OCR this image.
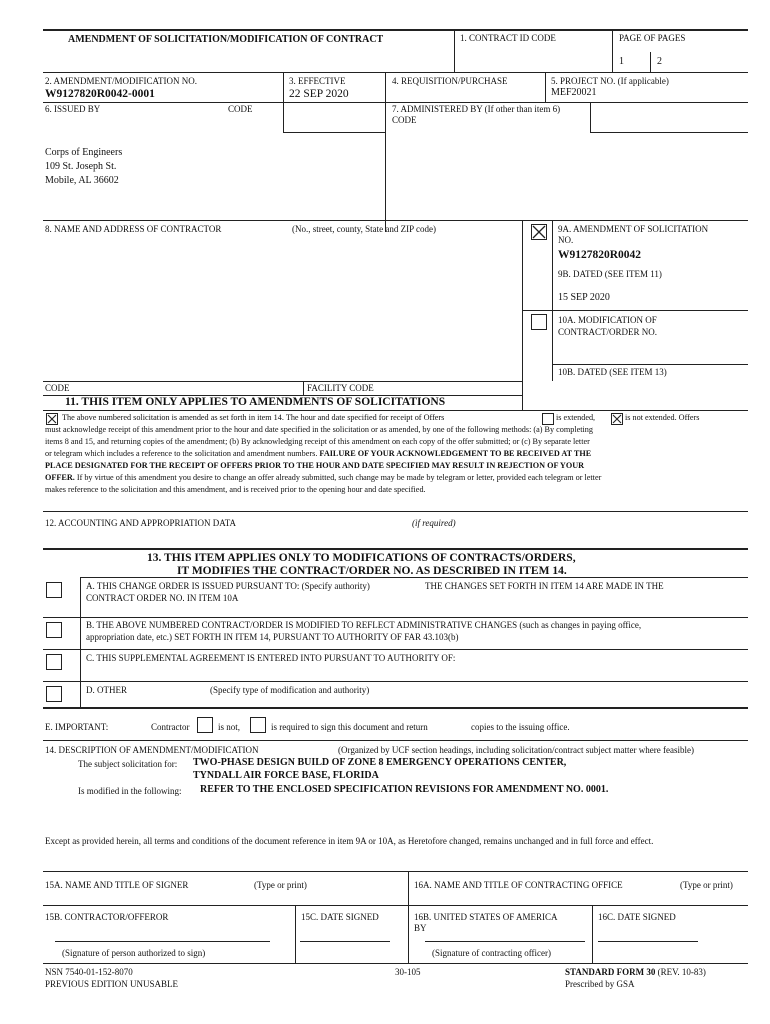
AMENDMENT OF SOLICITATION/MODIFICATION OF CONTRACT	1. CONTRACT ID CODE	PAGE OF PAGES
1	2
2. AMENDMENT/MODIFICATION NO.
W9127820R0042-0001
3. EFFECTIVE
22 SEP 2020
4. REQUISITION/PURCHASE	5. PROJECT NO. (If applicable)
MEF20021
6. ISSUED BY	CODE	7. ADMINISTERED BY (If other than item 6)
CODE
Corps of Engineers
109 St. Joseph St.
Mobile, AL 36602
8. NAME AND ADDRESS OF CONTRACTOR	(No., street, county, State and ZIP code)	9A. AMENDMENT OF SOLICITATION
NO.
W9127820R0042
9B. DATED (SEE ITEM 11)
15 SEP 2020
10A. MODIFICATION OF
CONTRACT/ORDER NO.
10B. DATED (SEE ITEM 13)
CODE	FACILITY CODE
11. THIS ITEM ONLY APPLIES TO AMENDMENTS OF SOLICITATIONS
The above numbered solicitation is amended as set forth in item 14. The hour and date specified for receipt of Offers	is extended,	is not extended. Offers
must acknowledge receipt of this amendment prior to the hour and date specified in the solicitation or as amended, by one of the following methods: (a) By completing
items 8 and 15, and returning copies of the amendment; (b) By acknowledging receipt of this amendment on each copy of the offer submitted; or (c) By separate letter
or telegram which includes a reference to the solicitation and amendment numbers. FAILURE OF YOUR ACKNOWLEDGEMENT TO BE RECEIVED AT THE
PLACE DESIGNATED FOR THE RECEIPT OF OFFERS PRIOR TO THE HOUR AND DATE SPECIFIED MAY RESULT IN REJECTION OF YOUR
OFFER. If by virtue of this amendment you desire to change an offer already submitted, such change may be made by telegram or letter, provided each telegram or letter
makes reference to the solicitation and this amendment, and is received prior to the opening hour and date specified.
12. ACCOUNTING AND APPROPRIATION DATA	(if required)
13. THIS ITEM APPLIES ONLY TO MODIFICATIONS OF CONTRACTS/ORDERS,
IT MODIFIES THE CONTRACT/ORDER NO. AS DESCRIBED IN ITEM 14.
A. THIS CHANGE ORDER IS ISSUED PURSUANT TO: (Specify authority)	THE CHANGES SET FORTH IN ITEM 14 ARE MADE IN THE
CONTRACT ORDER NO. IN ITEM 10A
B. THE ABOVE NUMBERED CONTRACT/ORDER IS MODIFIED TO REFLECT ADMINISTRATIVE CHANGES (such as changes in paying office,
appropriation date, etc.) SET FORTH IN ITEM 14, PURSUANT TO AUTHORITY OF FAR 43.103(b)
C. THIS SUPPLEMENTAL AGREEMENT IS ENTERED INTO PURSUANT TO AUTHORITY OF:
D. OTHER	(Specify type of modification and authority)
E. IMPORTANT:	Contractor	is not,	is required to sign this document and return	copies to the issuing office.
14. DESCRIPTION OF AMENDMENT/MODIFICATION	(Organized by UCF section headings, including solicitation/contract subject matter where feasible)
The subject solicitation for: TWO-PHASE DESIGN BUILD OF ZONE 8 EMERGENCY OPERATIONS CENTER,
TYNDALL AIR FORCE BASE, FLORIDA
Is modified in the following: REFER TO THE ENCLOSED SPECIFICATION REVISIONS FOR AMENDMENT NO. 0001.
Except as provided herein, all terms and conditions of the document reference in item 9A or 10A, as Heretofore changed, remains unchanged and in full force and effect.
15A. NAME AND TITLE OF SIGNER	(Type or print)	16A. NAME AND TITLE OF CONTRACTING OFFICE	(Type or print)
15B. CONTRACTOR/OFFEROR	15C. DATE SIGNED	16B. UNITED STATES OF AMERICA
BY
16C. DATE SIGNED
(Signature of person authorized to sign)	(Signature of contracting officer)
NSN 7540-01-152-8070
PREVIOUS EDITION UNUSABLE
30-105	STANDARD FORM 30 (REV. 10-83)
Prescribed by GSA
